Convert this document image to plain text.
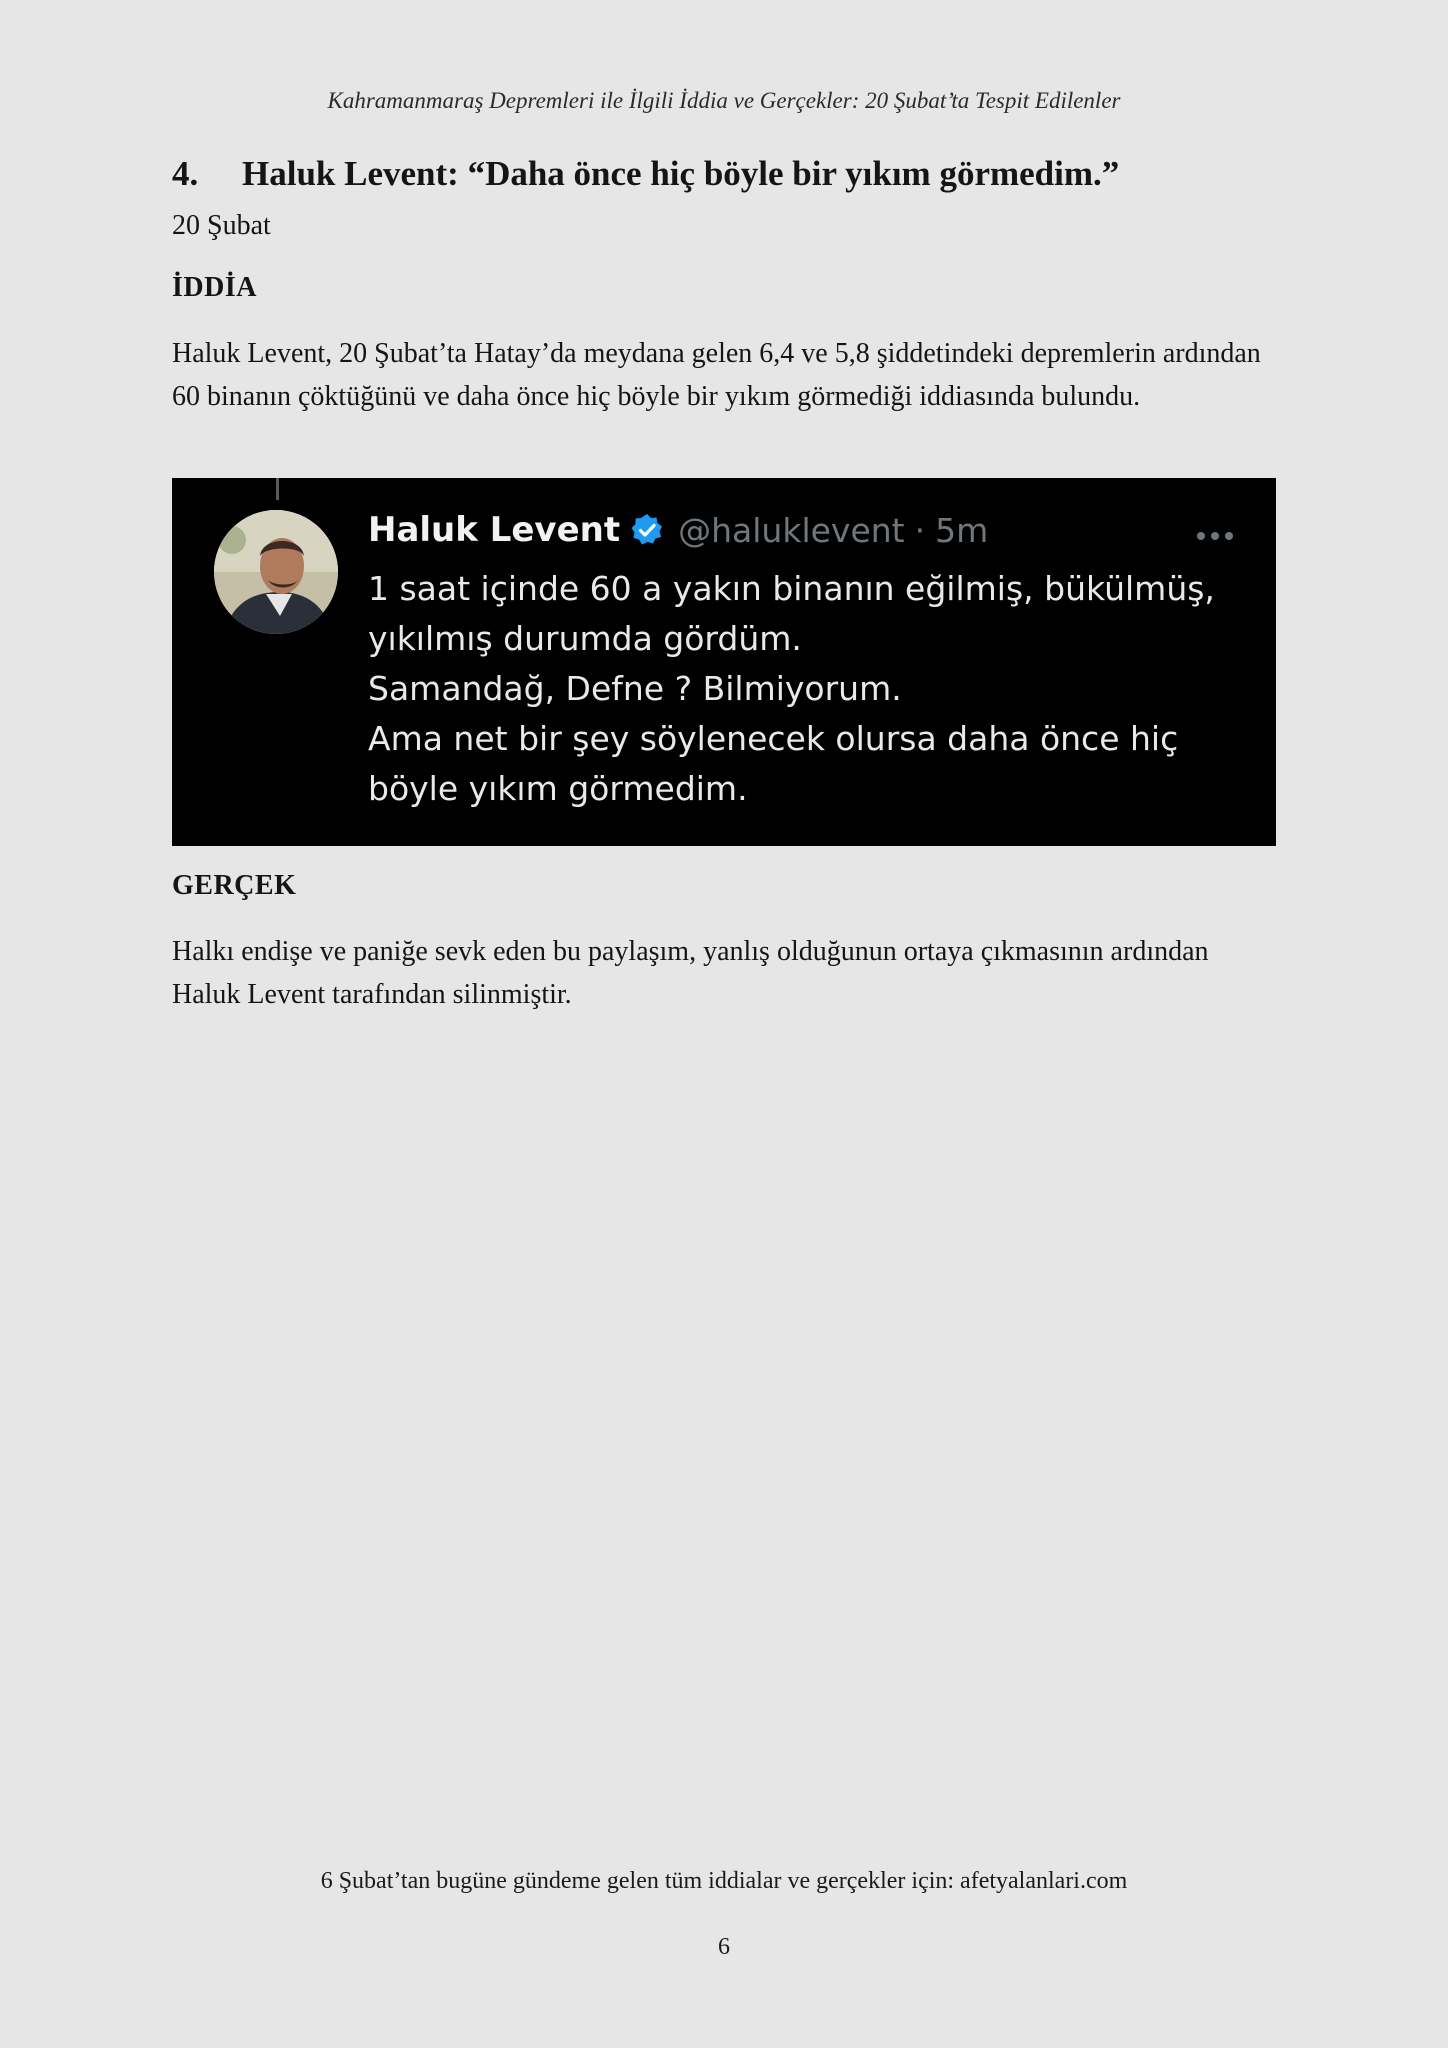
Kahramanmaraş Depremleri ile İlgili İddia ve Gerçekler: 20 Şubat’ta Tespit Edilenler
4. Haluk Levent: “Daha önce hiç böyle bir yıkım görmedim.”
20 Şubat
İDDİA
Haluk Levent, 20 Şubat’ta Hatay’da meydana gelen 6,4 ve 5,8 şiddetindeki depremlerin ardından 60 binanın çöktüğünü ve daha önce hiç böyle bir yıkım görmediği iddiasında bulundu.
Haluk Levent @haluklevent · 5m
1 saat içinde 60 a yakın binanın eğilmiş, bükülmüş,
yıkılmış durumda gördüm.
Samandağ, Defne ? Bilmiyorum.
Ama net bir şey söylenecek olursa daha önce hiç
böyle yıkım görmedim.
GERÇEK
Halkı endişe ve paniğe sevk eden bu paylaşım, yanlış olduğunun ortaya çıkmasının ardından Haluk Levent tarafından silinmiştir.
6 Şubat’tan bugüne gündeme gelen tüm iddialar ve gerçekler için: afetyalanlari.com
6
